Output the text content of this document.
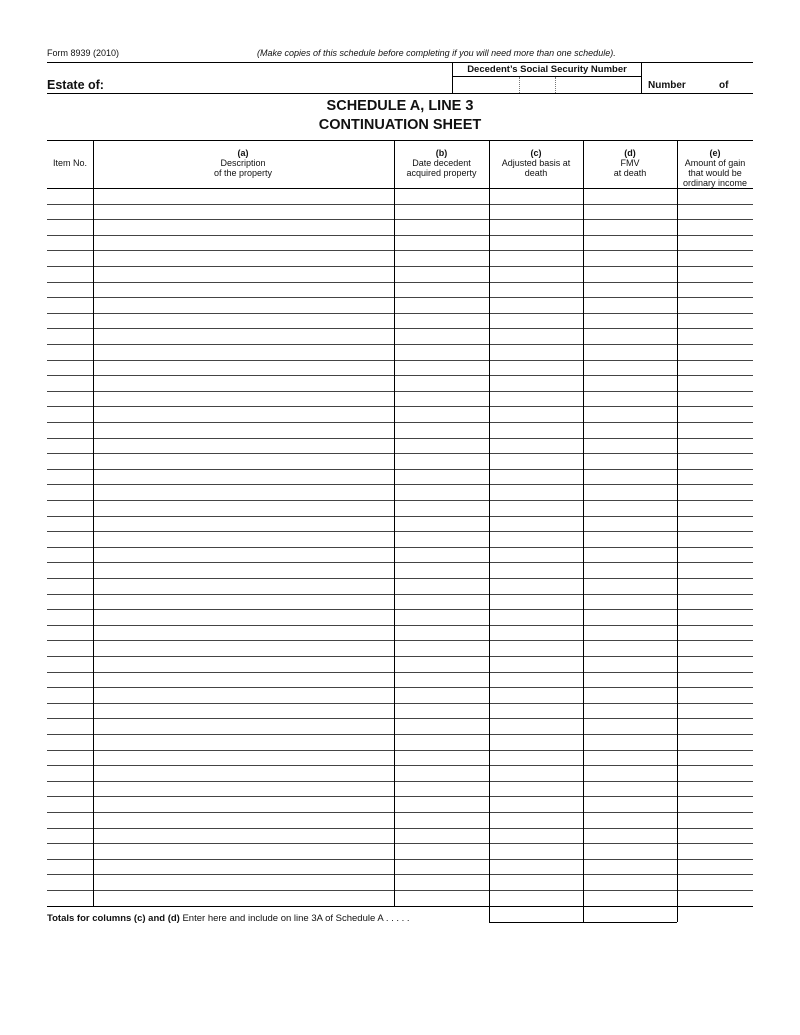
Form 8939 (2010)	(Make copies of this schedule before completing if you will need more than one schedule).
Estate of:
Decedent’s Social Security Number
Number	of
SCHEDULE A, LINE 3
CONTINUATION SHEET
Item No.
(a)
Description
of the property
(b)
Date decedent
acquired property
(c)
Adjusted basis at
death
(d)
FMV
at death
(e)
Amount of gain
that would be
ordinary income
Totals for columns (c) and (d) Enter here and include on line 3A of Schedule A . . . . .
